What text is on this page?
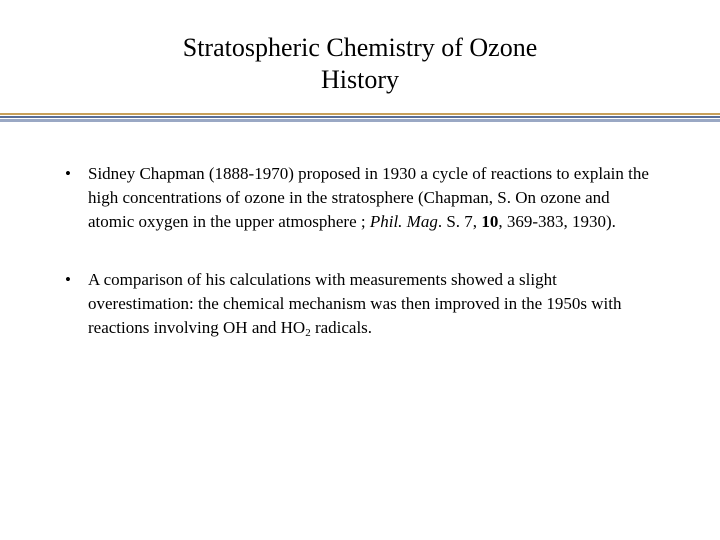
Stratospheric Chemistry of Ozone
History
• Sidney Chapman (1888-1970) proposed in 1930 a cycle of reactions to explain the high concentrations of ozone in the stratosphere (Chapman, S. On ozone and atomic oxygen in the upper atmosphere ; Phil. Mag. S. 7, 10, 369-383, 1930).
• A comparison of his calculations with measurements showed a slight overestimation: the chemical mechanism was then improved in the 1950s with reactions involving OH and $HO_2$ radicals.
